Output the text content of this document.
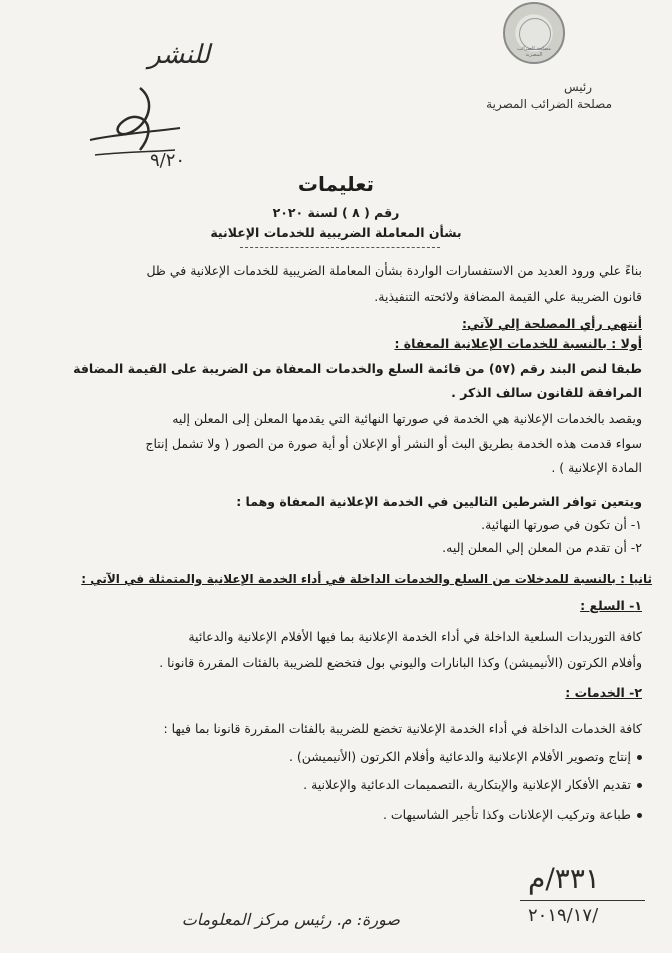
مصلحة الضرائب المصرية
رئيس
مصلحة الضرائب المصرية
للنشر
٩/٢٠
تعليمات
رقم ( ٨ ) لسنة ٢٠٢٠
بشأن المعاملة الضريبية للخدمات الإعلانية
بناءً علي ورود العديد من الاستفسارات الواردة بشأن المعاملة الضريبية للخدمات الإعلانية في ظل
قانون الضريبة علي القيمة المضافة ولائحته التنفيذية.
أنتهي رأي المصلحة إلي لآتي:
أولا : بالنسبة للخدمات الإعلانية المعفاة :
طبقا لنص البند رقم (٥٧) من قائمة السلع والخدمات المعفاة من الضريبة على القيمة المضافة
المرافقة للقانون سالف الذكر .
ويقصد بالخدمات الإعلانية هي الخدمة في صورتها النهائية التي يقدمها المعلن إلى المعلن إليه
سواء قدمت هذه الخدمة بطريق البث أو النشر أو الإعلان أو أية صورة من الصور ( ولا تشمل إنتاج
المادة الإعلانية ) .
ويتعين توافر الشرطين التاليين في الخدمة الإعلانية المعفاة وهما :
١- أن تكون في صورتها النهائية.
٢- أن تقدم من المعلن إلي المعلن إليه.
ثانيا : بالنسبة للمدخلات من السلع والخدمات الداخلة في أداء الخدمة الإعلانية والمتمثلة في الآتي :
١- السلع :
كافة التوريدات السلعية الداخلة في أداء الخدمة الإعلانية بما فيها الأفلام الإعلانية والدعائية
وأفلام الكرتون (الأنيميشن) وكذا البانارات واليوني بول فتخضع للضريبة بالفئات المقررة قانونا .
٢- الخدمات :
كافة الخدمات الداخلة في أداء الخدمة الإعلانية تخضع للضريبة بالفئات المقررة قانونا بما فيها :
إنتاج وتصوير الأفلام الإعلانية والدعائية وأفلام الكرتون (الأنيميشن) .
تقديم الأفكار الإعلانية والإبتكارية ،التصميمات الدعائية والإعلانية .
طباعة وتركيب الإعلانات وكذا تأجير الشاسيهات .
٣٣١/م
٢٠١٩/١٧/
صورة: م. رئيس مركز المعلومات
